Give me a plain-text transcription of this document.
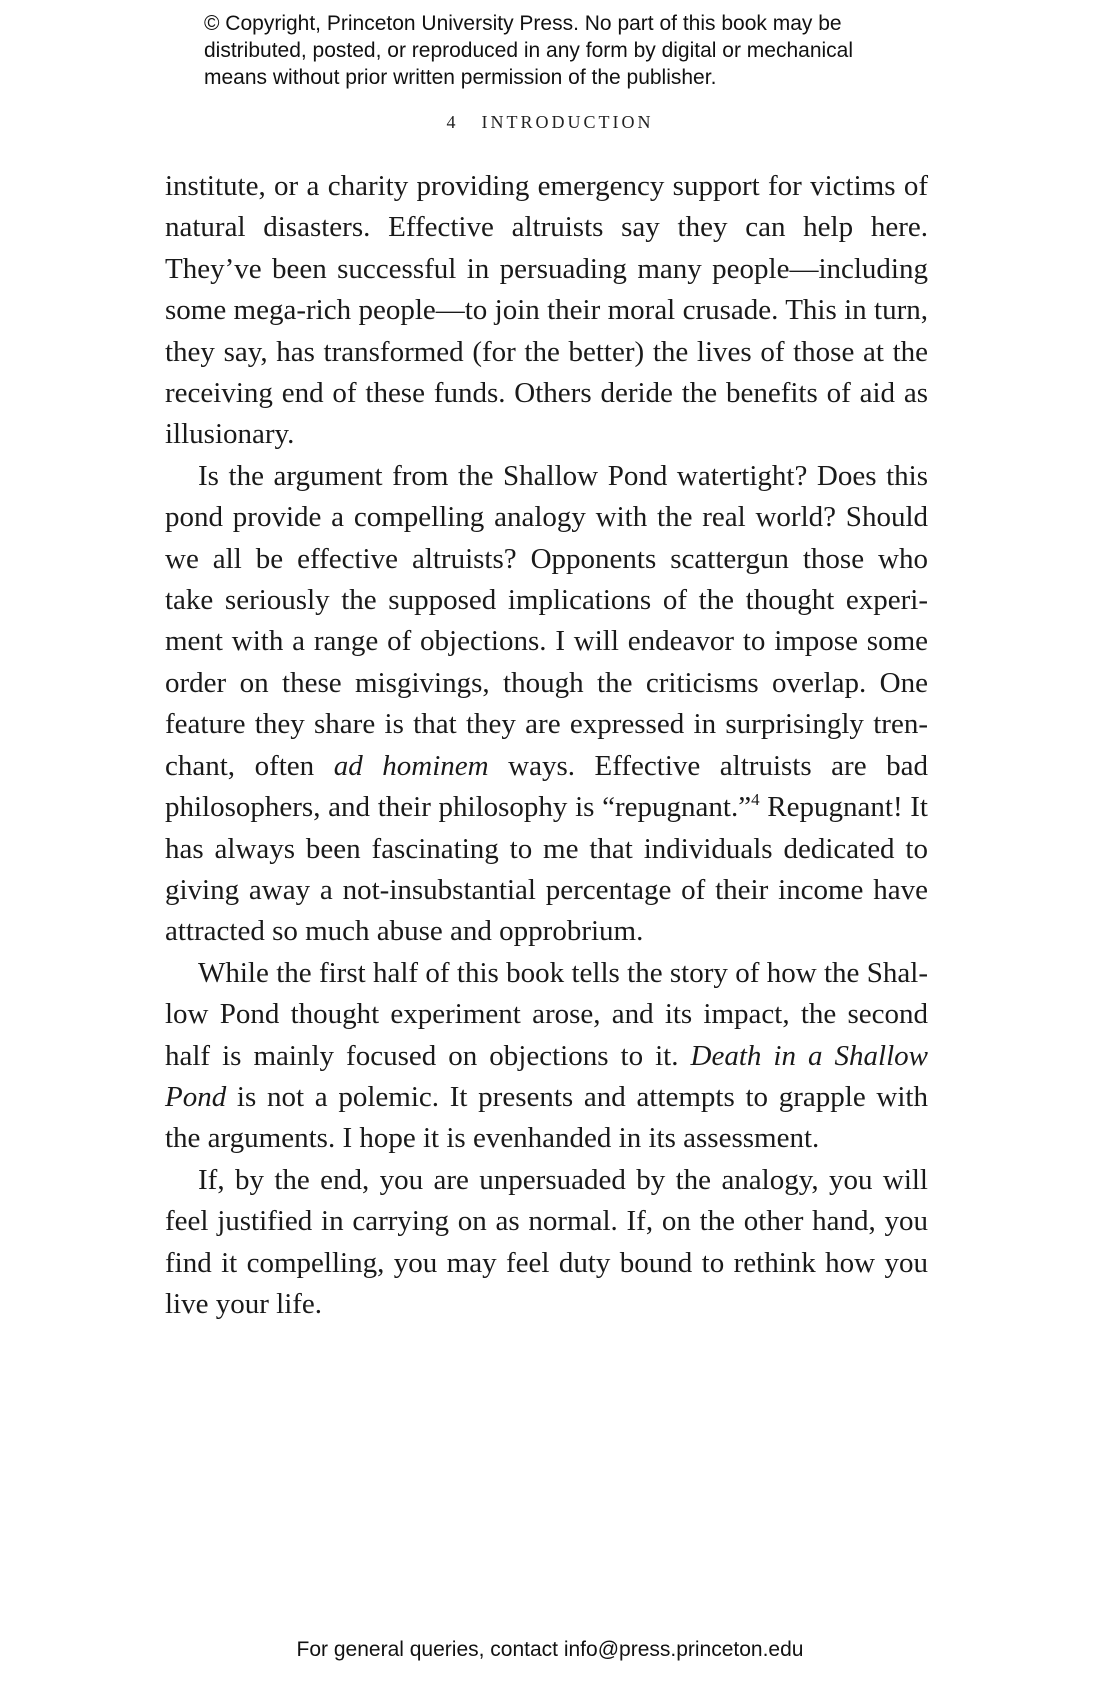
© Copyright, Princeton University Press. No part of this book may be
distributed, posted, or reproduced in any form by digital or mechanical
means without prior written permission of the publisher.
4 INTRODUCTION

institute, or a charity providing emergency support for victims of natural disasters. Effective altruists say they can help here. They’ve been successful in persuading many people—including some mega-rich people—to join their moral crusade. This in turn, they say, has transformed (for the better) the lives of those at the receiving end of these funds. Others deride the benefits of aid as illusionary.

Is the argument from the Shallow Pond watertight? Does this pond provide a compelling analogy with the real world? Should we all be effective altruists? Opponents scattergun those who take seriously the supposed implications of the thought experiment with a range of objections. I will endeavor to impose some order on these misgivings, though the criticisms overlap. One feature they share is that they are expressed in surprisingly trenchant, often ad hominem ways. Effective altruists are bad philosophers, and their philosophy is “repugnant.”$^4$ Repugnant! It has always been fascinating to me that individuals dedicated to giving away a not-insubstantial percentage of their income have attracted so much abuse and opprobrium.

While the first half of this book tells the story of how the Shallow Pond thought experiment arose, and its impact, the second half is mainly focused on objections to it. Death in a Shallow Pond is not a polemic. It presents and attempts to grapple with the arguments. I hope it is evenhanded in its assessment.

If, by the end, you are unpersuaded by the analogy, you will feel justified in carrying on as normal. If, on the other hand, you find it compelling, you may feel duty bound to rethink how you live your life.

For general queries, contact info@press.princeton.edu
